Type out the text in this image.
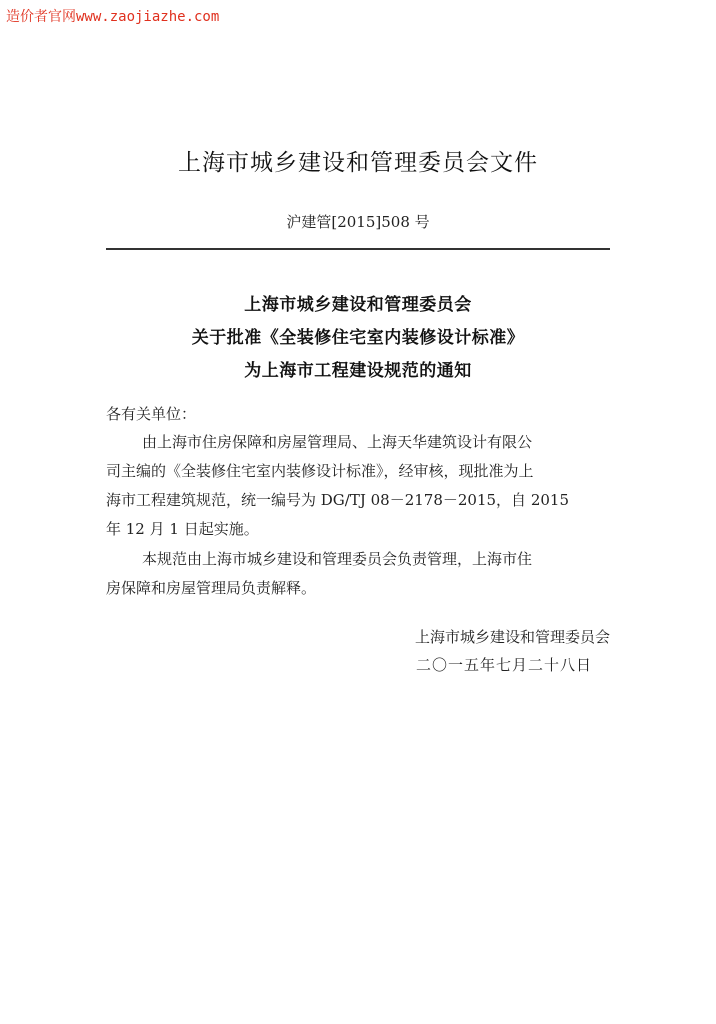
造价者官网www.zaojiazhe.com
上海市城乡建设和管理委员会文件
沪建管[2015]508 号
上海市城乡建设和管理委员会
关于批准《全装修住宅室内装修设计标准》
为上海市工程建设规范的通知
各有关单位：
由上海市住房保障和房屋管理局、上海天华建筑设计有限公
司主编的《全装修住宅室内装修设计标准》，经审核，现批准为上
海市工程建筑规范，统一编号为 DG/TJ 08－2178－2015，自 2015
年 12 月 1 日起实施。
本规范由上海市城乡建设和管理委员会负责管理，上海市住
房保障和房屋管理局负责解释。
上海市城乡建设和管理委员会
二〇一五年七月二十八日
